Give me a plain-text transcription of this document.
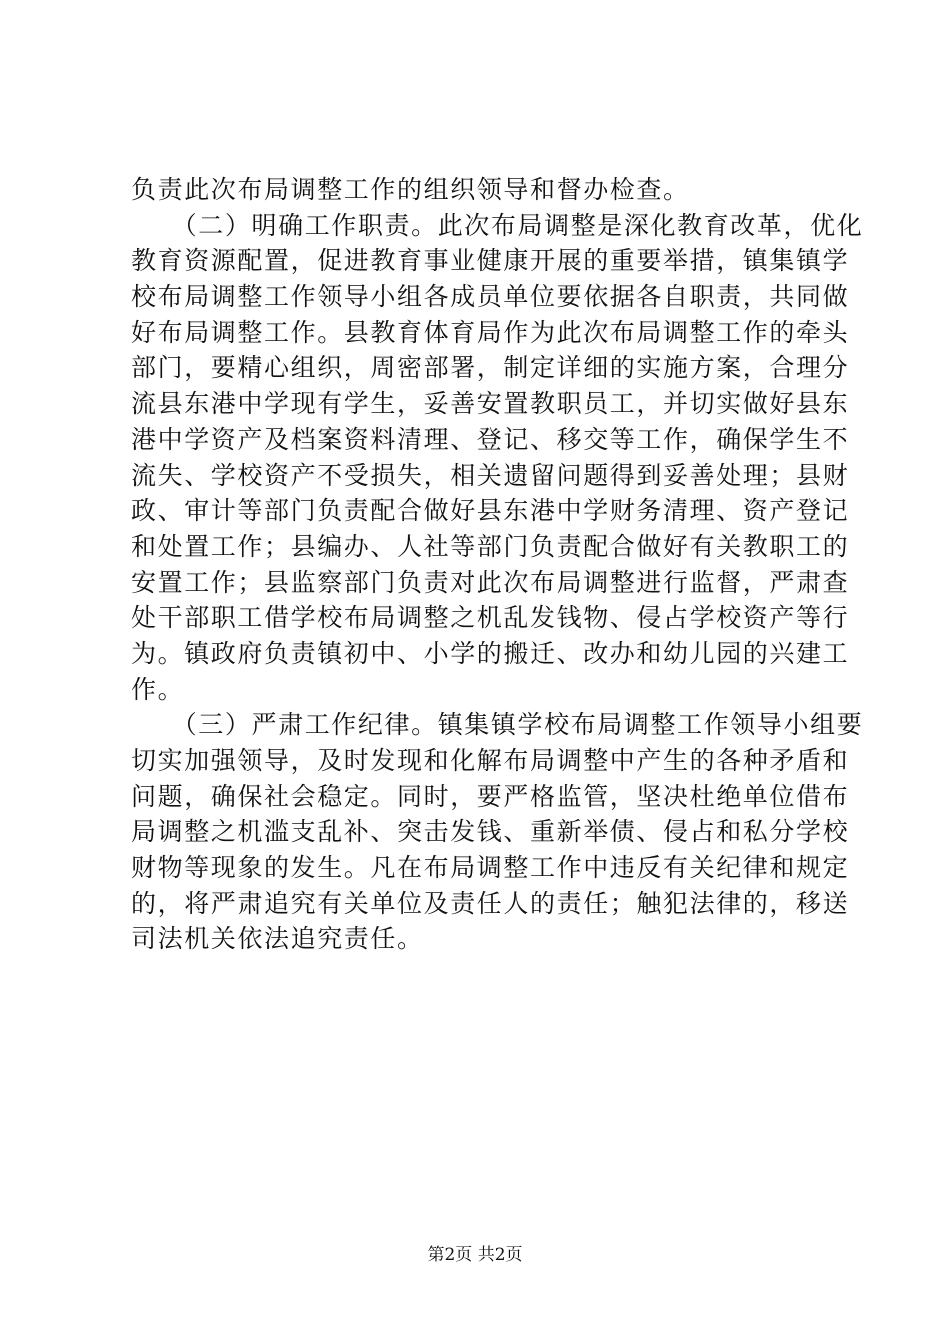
负责此次布局调整工作的组织领导和督办检查。
　　（二）明确工作职责。此次布局调整是深化教育改革，优化
教育资源配置，促进教育事业健康开展的重要举措，镇集镇学
校布局调整工作领导小组各成员单位要依据各自职责，共同做
好布局调整工作。县教育体育局作为此次布局调整工作的牵头
部门，要精心组织，周密部署，制定详细的实施方案，合理分
流县东港中学现有学生，妥善安置教职员工，并切实做好县东
港中学资产及档案资料清理、登记、移交等工作，确保学生不
流失、学校资产不受损失，相关遗留问题得到妥善处理；县财
政、审计等部门负责配合做好县东港中学财务清理、资产登记
和处置工作；县编办、人社等部门负责配合做好有关教职工的
安置工作；县监察部门负责对此次布局调整进行监督，严肃查
处干部职工借学校布局调整之机乱发钱物、侵占学校资产等行
为。镇政府负责镇初中、小学的搬迁、改办和幼儿园的兴建工
作。
　　（三）严肃工作纪律。镇集镇学校布局调整工作领导小组要
切实加强领导，及时发现和化解布局调整中产生的各种矛盾和
问题，确保社会稳定。同时，要严格监管，坚决杜绝单位借布
局调整之机滥支乱补、突击发钱、重新举债、侵占和私分学校
财物等现象的发生。凡在布局调整工作中违反有关纪律和规定
的，将严肃追究有关单位及责任人的责任；触犯法律的，移送
司法机关依法追究责任。
第2页 共2页
